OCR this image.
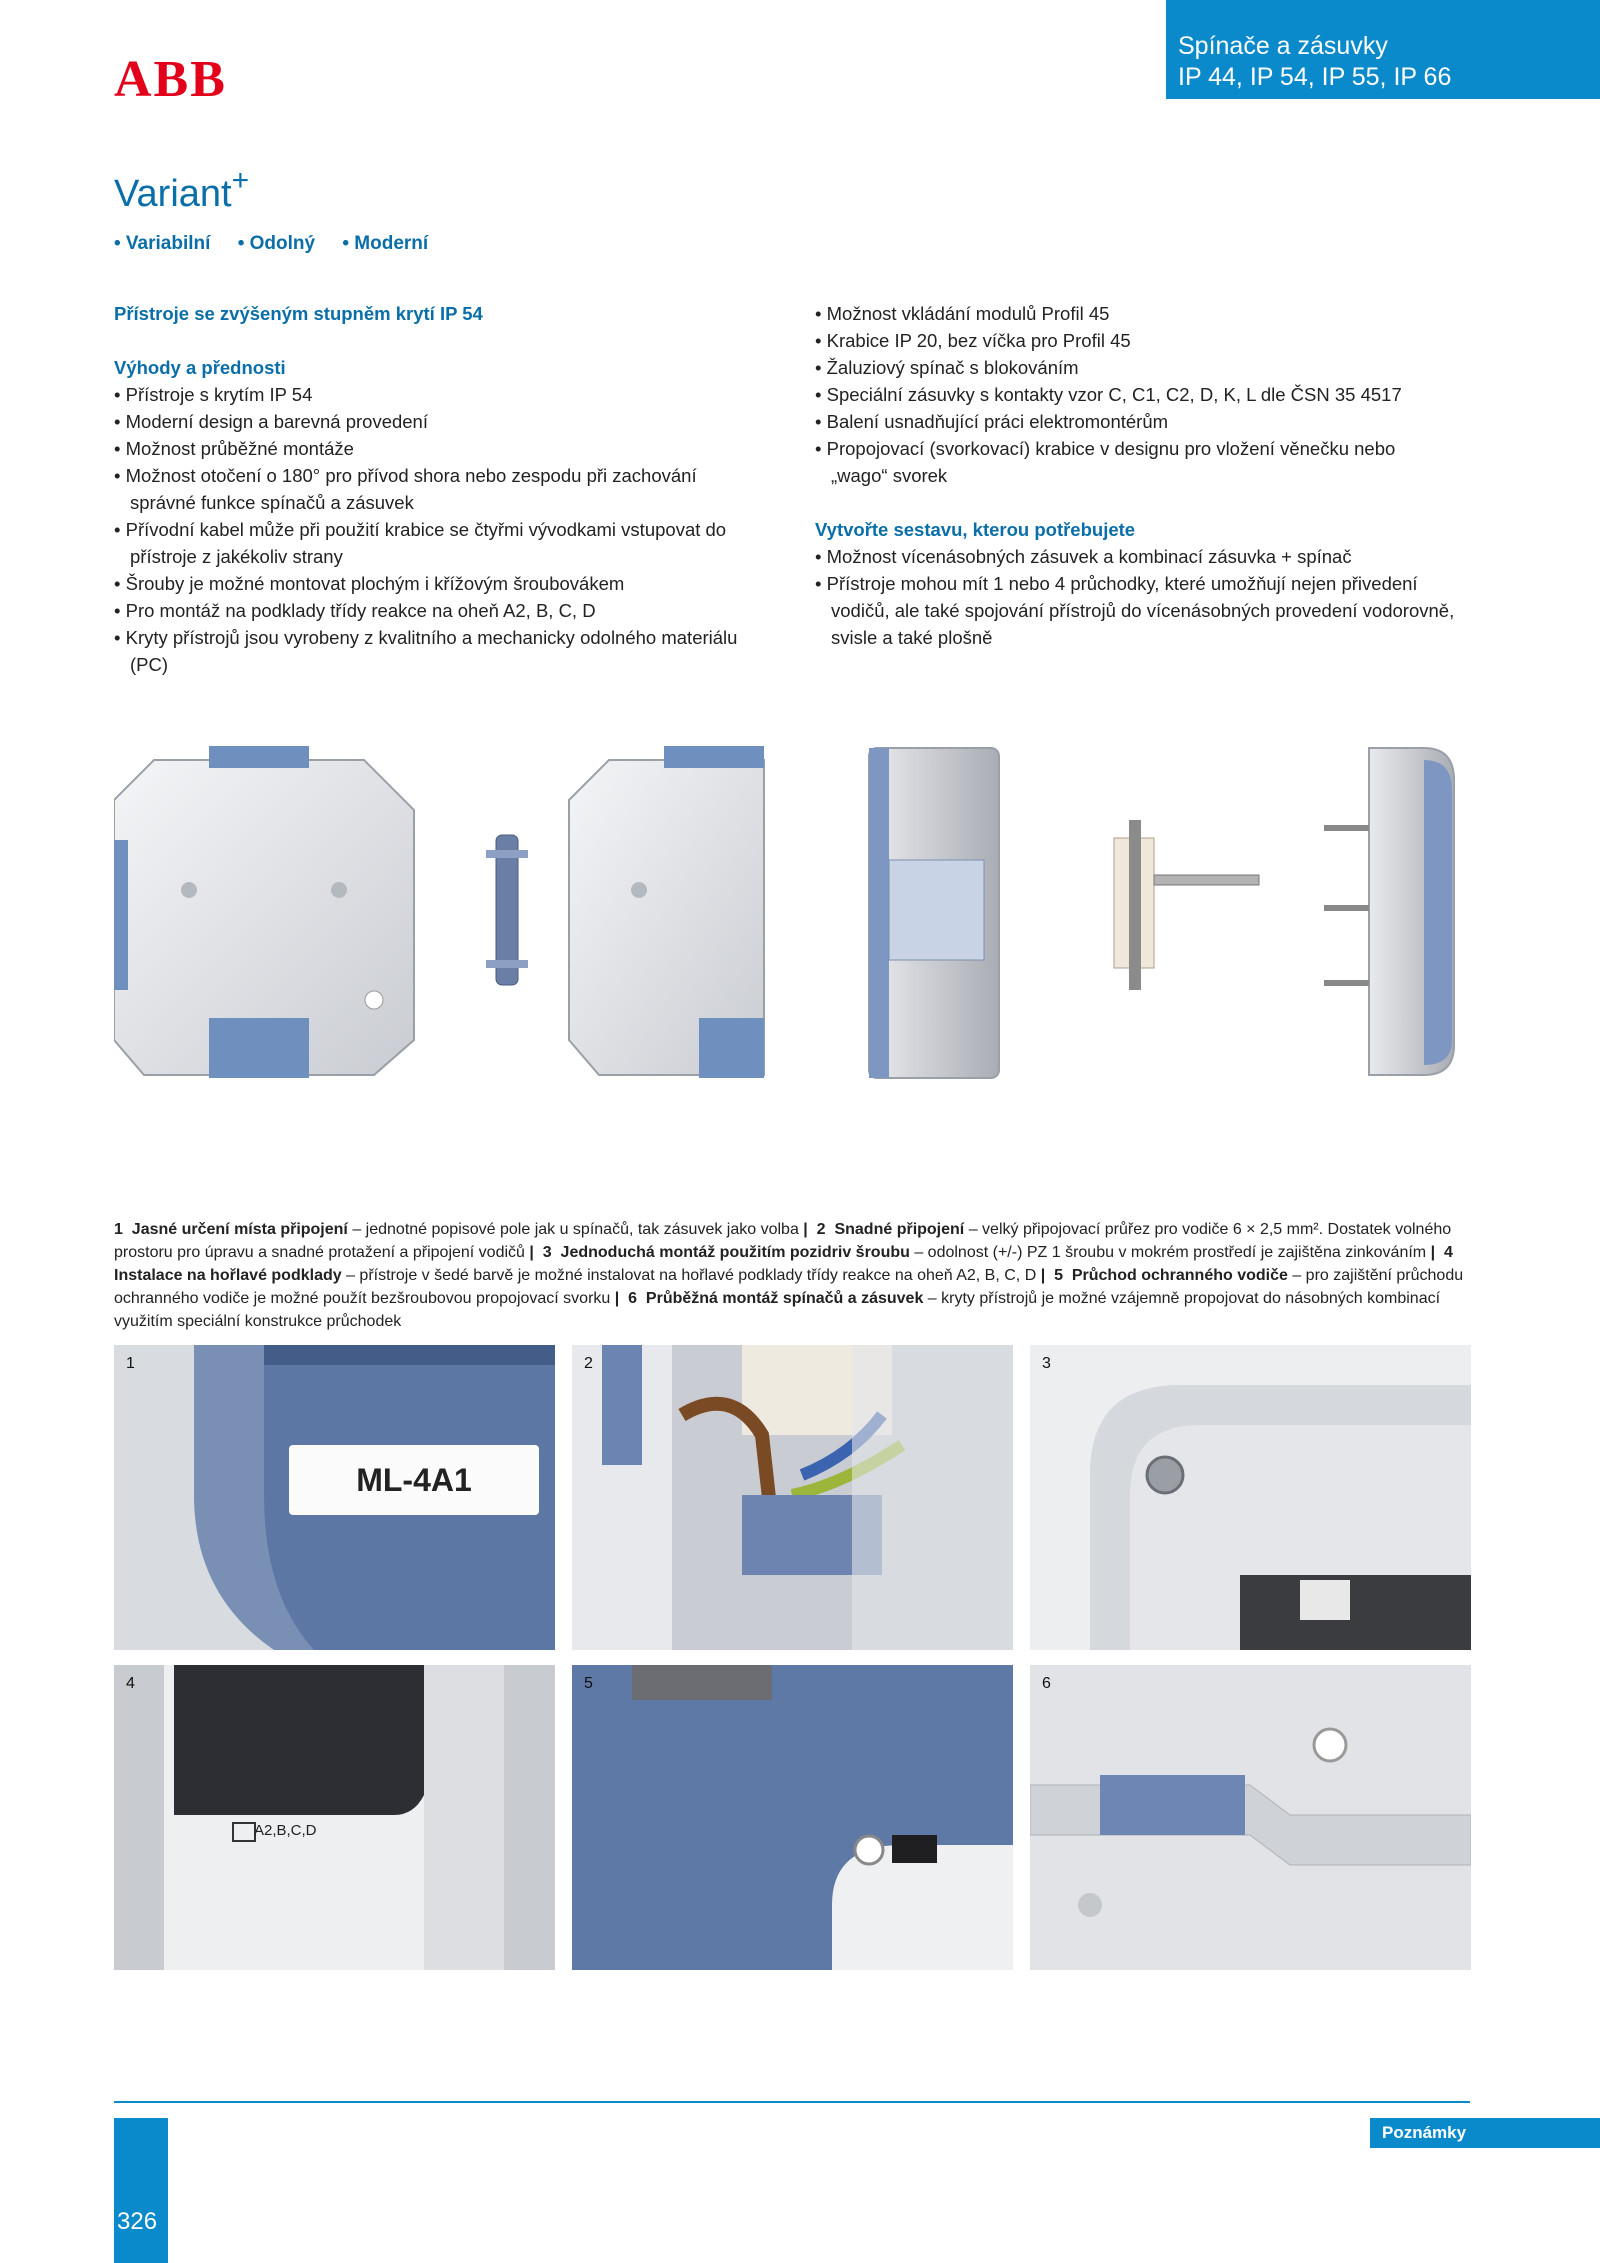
ABB
Spínače a zásuvky
IP 44, IP 54, IP 55, IP 66
Variant+
• Variabilní • Odolný • Moderní
Přístroje se zvýšeným stupněm krytí IP 54
Výhody a přednosti
• Přístroje s krytím IP 54
• Moderní design a barevná provedení
• Možnost průběžné montáže
• Možnost otočení o 180° pro přívod shora nebo zespodu při zachování správné funkce spínačů a zásuvek
• Přívodní kabel může při použití krabice se čtyřmi vývodkami vstupovat do přístroje z jakékoliv strany
• Šrouby je možné montovat plochým i křížovým šroubovákem
• Pro montáž na podklady třídy reakce na oheň A2, B, C, D
• Kryty přístrojů jsou vyrobeny z kvalitního a mechanicky odolného materiálu (PC)
• Možnost vkládání modulů Profil 45
• Krabice IP 20, bez víčka pro Profil 45
• Žaluziový spínač s blokováním
• Speciální zásuvky s kontakty vzor C, C1, C2, D, K, L dle ČSN 35 4517
• Balení usnadňující práci elektromontérům
• Propojovací (svorkovací) krabice v designu pro vložení věnečku nebo „wago“ svorek
Vytvořte sestavu, kterou potřebujete
• Možnost vícenásobných zásuvek a kombinací zásuvka + spínač
• Přístroje mohou mít 1 nebo 4 průchodky, které umožňují nejen přivedení vodičů, ale také spojování přístrojů do vícenásobných provedení vodorovně, svisle a také plošně
1 Jasné určení místa připojení – jednotné popisové pole jak u spínačů, tak zásuvek jako volba | 2 Snadné připojení – velký připojovací průřez pro vodiče 6 × 2,5 mm². Dostatek volného prostoru pro úpravu a snadné protažení a připojení vodičů | 3 Jednoduchá montáž použitím pozidriv šroubu – odolnost (+/-) PZ 1 šroubu v mokrém prostředí je zajištěna zinkováním | 4  Instalace na hořlavé podklady – přístroje v šedé barvě je možné instalovat na hořlavé podklady třídy reakce na oheň A2, B, C, D | 5 Průchod ochranného vodiče – pro zajištění průchodu ochranného vodiče je možné použít bezšroubovou propojovací svorku | 6 Průběžná montáž spínačů a zásuvek – kryty přístrojů je možné vzájemně propojovat do násobných kombinací využitím speciální konstrukce průchodek
1
ML-4A1
2	3
4
A2,B,C,D
5	6
Poznámky
326
